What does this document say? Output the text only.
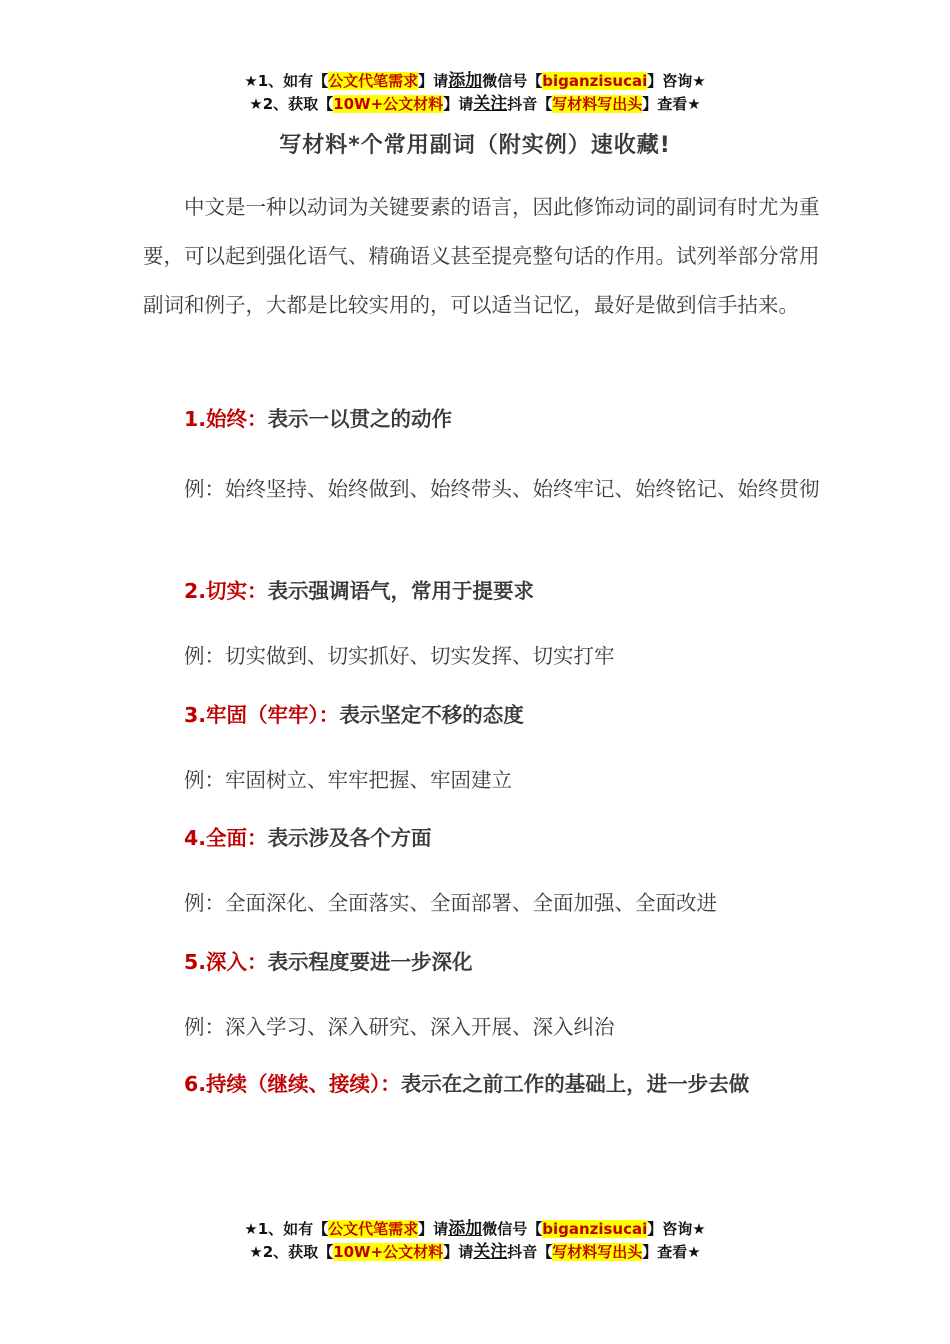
★1、如有【公文代笔需求】请添加微信号【biganzisucai】咨询★
★2、获取【10W+公文材料】请关注抖音【写材料写出头】查看★
写材料*个常用副词（附实例）速收藏!
中文是一种以动词为关键要素的语言，因此修饰动词的副词有时尤为重要，可以起到强化语气、精确语义甚至提亮整句话的作用。试列举部分常用副词和例子，大都是比较实用的，可以适当记忆，最好是做到信手拈来。
1.始终：表示一以贯之的动作
例：始终坚持、始终做到、始终带头、始终牢记、始终铭记、始终贯彻
2.切实：表示强调语气，常用于提要求
例：切实做到、切实抓好、切实发挥、切实打牢
3.牢固（牢牢）：表示坚定不移的态度
例：牢固树立、牢牢把握、牢固建立
4.全面：表示涉及各个方面
例：全面深化、全面落实、全面部署、全面加强、全面改进
5.深入：表示程度要进一步深化
例：深入学习、深入研究、深入开展、深入纠治
6.持续（继续、接续）：表示在之前工作的基础上，进一步去做
★1、如有【公文代笔需求】请添加微信号【biganzisucai】咨询★
★2、获取【10W+公文材料】请关注抖音【写材料写出头】查看★
